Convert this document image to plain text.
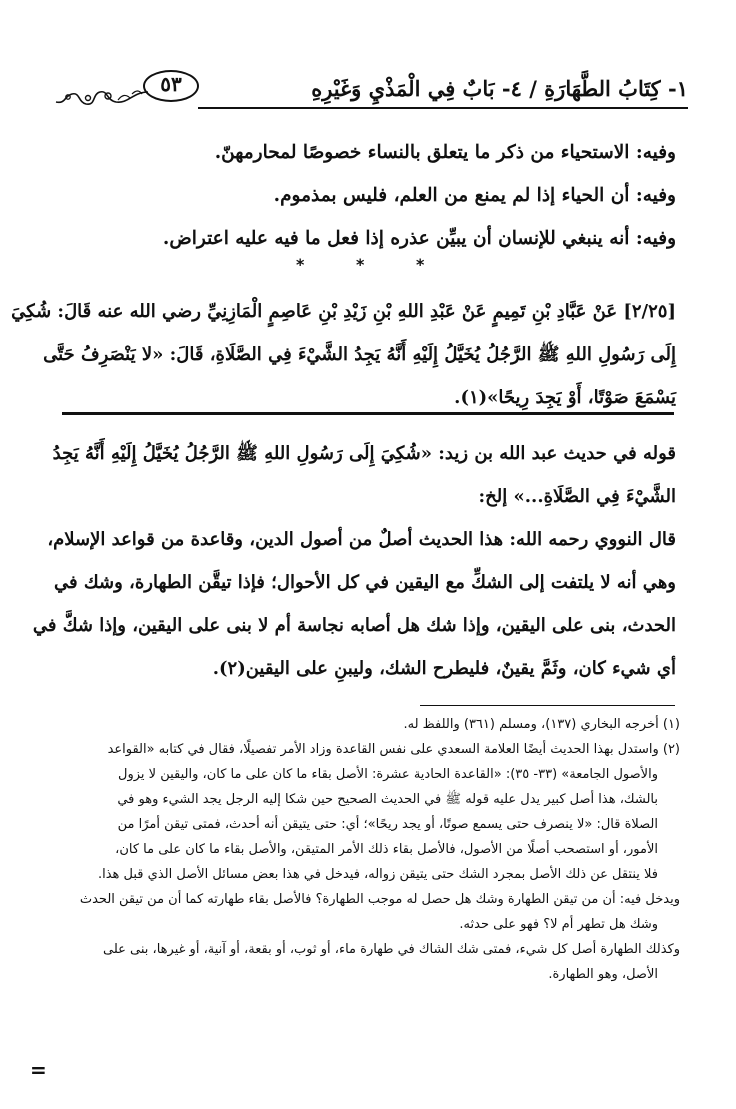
١- كِتَابُ الطَّهَارَةِ / ٤- بَابٌ فِي الْمَذْيِ وَغَيْرِهِ
٥٣
وفيه: الاستحياء من ذكر ما يتعلق بالنساء خصوصًا لمحارمهنّ.
وفيه: أن الحياء إذا لم يمنع من العلم، فليس بمذموم.
وفيه: أنه ينبغي للإنسان أن يبيِّن عذره إذا فعل ما فيه عليه اعتراض.
*	*	*
[٢/٢٥] عَنْ عَبَّادِ بْنِ تَمِيمٍ عَنْ عَبْدِ اللهِ بْنِ زَيْدِ بْنِ عَاصِمٍ الْمَازِنِيِّ رضي الله عنه قَالَ: شُكِيَ
إِلَى رَسُولِ اللهِ ﷺ الرَّجُلُ يُخَيَّلُ إِلَيْهِ أَنَّهُ يَجِدُ الشَّيْءَ فِي الصَّلَاةِ، قَالَ: «لا يَنْصَرِفُ حَتَّى
يَسْمَعَ صَوْتًا، أَوْ يَجِدَ رِيحًا»(١).
قوله في حديث عبد الله بن زيد: «شُكِيَ إِلَى رَسُولِ اللهِ ﷺ الرَّجُلُ يُخَيَّلُ إِلَيْهِ أَنَّهُ يَجِدُ
الشَّيْءَ فِي الصَّلَاةِ...» إلخ:
قال النووي رحمه الله: هذا الحديث أصلٌ من أصول الدين، وقاعدة من قواعد الإسلام،
وهي أنه لا يلتفت إلى الشكِّ مع اليقين في كل الأحوال؛ فإذا تيقَّن الطهارة، وشك في
الحدث، بنى على اليقين، وإذا شك هل أصابه نجاسة أم لا بنى على اليقين، وإذا شكَّ في
أي شيء كان، وثَمَّ يقينٌ، فليطرح الشك، وليبنِ على اليقين(٢).
(١) أخرجه البخاري (١٣٧)، ومسلم (٣٦١) واللفظ له.
(٢) واستدل بهذا الحديث أيضًا العلامة السعدي على نفس القاعدة وزاد الأمر تفصيلًا، فقال في كتابه «القواعد
والأصول الجامعة» (٣٣- ٣٥): «القاعدة الحادية عشرة: الأصل بقاء ما كان على ما كان، واليقين لا يزول
بالشك، هذا أصل كبير يدل عليه قوله ﷺ في الحديث الصحيح حين شكا إليه الرجل يجد الشيء وهو في
الصلاة قال: «لا ينصرف حتى يسمع صوتًا، أو يجد ريحًا»؛ أي: حتى يتيقن أنه أحدث، فمتى تيقن أمرًا من
الأمور، أو استصحب أصلًا من الأصول، فالأصل بقاء ذلك الأمر المتيقن، والأصل بقاء ما كان على ما كان،
فلا ينتقل عن ذلك الأصل بمجرد الشك حتى يتيقن زواله، فيدخل في هذا بعض مسائل الأصل الذي قبل هذا.
ويدخل فيه: أن من تيقن الطهارة وشك هل حصل له موجب الطهارة؟ فالأصل بقاء طهارته كما أن من تيقن الحدث
وشك هل تطهر أم لا؟ فهو على حدثه.
وكذلك الطهارة أصل كل شيء، فمتى شك الشاك في طهارة ماء، أو ثوب، أو بقعة، أو آنية، أو غيرها، بنى على
الأصل، وهو الطهارة.
=
